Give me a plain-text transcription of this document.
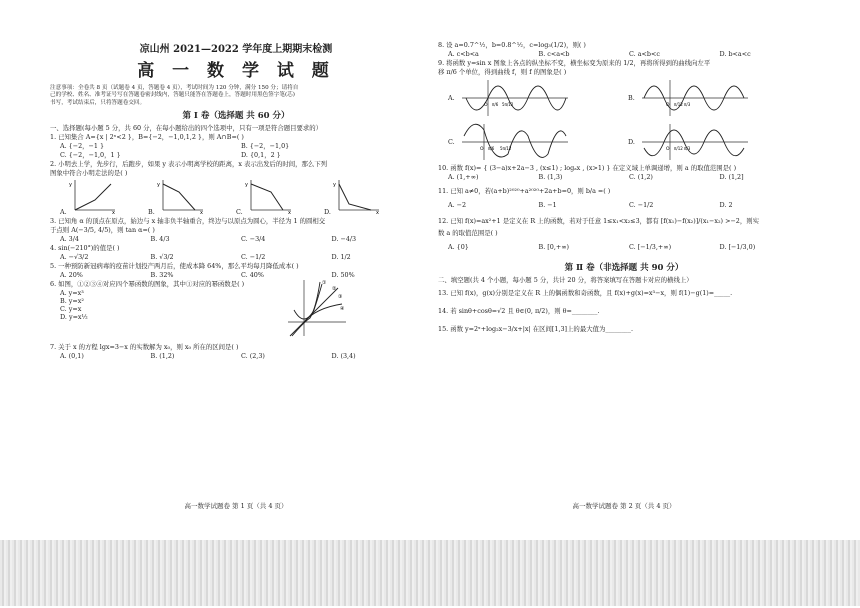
凉山州 2021—2022 学年度上期期末检测
高 一 数 学 试 题
注意事项：全卷共 8 页（试题卷 4 页，答题卷 4 页），考试时间为 120 分钟，满分 150 分；请将自
己的学校、姓名、准考证号写在答题卷密封线内，答题只能答在答题卷上，答题时用黑色签字笔(芯)
书写，考试结束后，只将答题卷交回。
第 Ⅰ 卷（选择题 共 60 分）
一、选择题(每小题 5 分，共 60 分，在每小题给出的四个选项中，只有一项是符合题目要求的）
1. 已知集合 A={x | 2ˣ<2 }，B={−2，−1,0,1,2 }，则 A∩B=( )
A. {−2，−1 }	B. {−2，−1,0}
C. {−2，−1,0，1 }	D. {0,1，2 }
2. 小明去上学，先步行，后跑步，如果 y 表示小明离学校的距离，x 表示出发后的时间，那么下列
图象中符合小明走法的是( )
A.
y
x	B.
y
x	C.
y
x	D.
y
x
3. 已知角 α 的顶点在原点，始边与 x 轴非负半轴重合，终边与以原点为圆心，半径为 1 的圆相交
于点则 A(−3/5, 4/5)，则 tan α=( )
A. 3/4	B. 4/3	C. −3/4	D. −4/3
4. sin(−210°)的值是( )
A. −√3/2	B. √3/2	C. −1/2	D. 1/2
5. 一种预防新冠病毒的疫苗计划投产两月后，使成本降 64%，那么平均每月降低成本( )
A. 20%	B. 32%	C. 40%	D. 50%
6. 如图，①②③④对应四个幂函数的图象，其中①对应的幂函数是( )
A. y=x³
B. y=x²
C. y=x
D. y=x½
①
②
③
④
7. 关于 x 的方程 lgx=3−x 的实数解为 x₀，则 x₀ 所在的区间是( )
A. (0,1)	B. (1,2)	C. (2,3)	D. (3,4)
高一数学试题卷 第 1 页（共 4 页）
8. 设 a=0.7^½，b=0.8^½，c=log₃(1/2)，则( )
A. c<b<a	B. c<a<b	C. a<b<c	D. b<a<c
9. 将函数 y=sin x 图象上各点的纵坐标不变，横坐标变为原来的 1/2，再将所得到的曲线向左平
移 π/6 个单位，得到曲线 f，则 f 的图象是( )
A.
O π/6 5π/12
B.
O π/12 π/3
C.
O π/6 5π/12
D.
O π/12 π/3
10. 函数 f(x)= { (3−a)x+2a−3 , (x≤1) ; logₐx , (x>1) } 在定义域上单调递增，则 a 的取值范围是( )
A. (1,+∞)	B. (1,3)	C. (1,2)	D. (1,2]
11. 已知 a≠0，若(a+b)²⁰²⁰+a²⁰²⁰+2a+b=0，则 b/a =( )
A. −2	B. −1	C. −1/2	D. 2
12. 已知 f(x)=ax²+1 是定义在 R 上的函数，若对于任意 1≤x₁<x₂≤3，都有 [f(x₁)−f(x₂)]/(x₁−x₂) >−2，则实
数 a 的取值范围是( )
A. {0}	B. [0,+∞)	C. [−1/3,+∞)	D. [−1/3,0)
第 Ⅱ 卷（非选择题 共 90 分）
二、填空题(共 4 个小题，每小题 5 分，共计 20 分，将答案填写在答题卡对应的横线上）
13. 已知 f(x)，g(x)分别是定义在 R 上的偶函数和奇函数，且 f(x)+g(x)=x³−x，则 f(1)−g(1)=_____.
14. 若 sinθ+cosθ=√2 且 θ∈(0, π/2)，则 θ=________.
15. 函数 y=2ˣ+log₂x−3/x+|x| 在区间[1,3]上的最大值为________.
高一数学试题卷 第 2 页（共 4 页）
